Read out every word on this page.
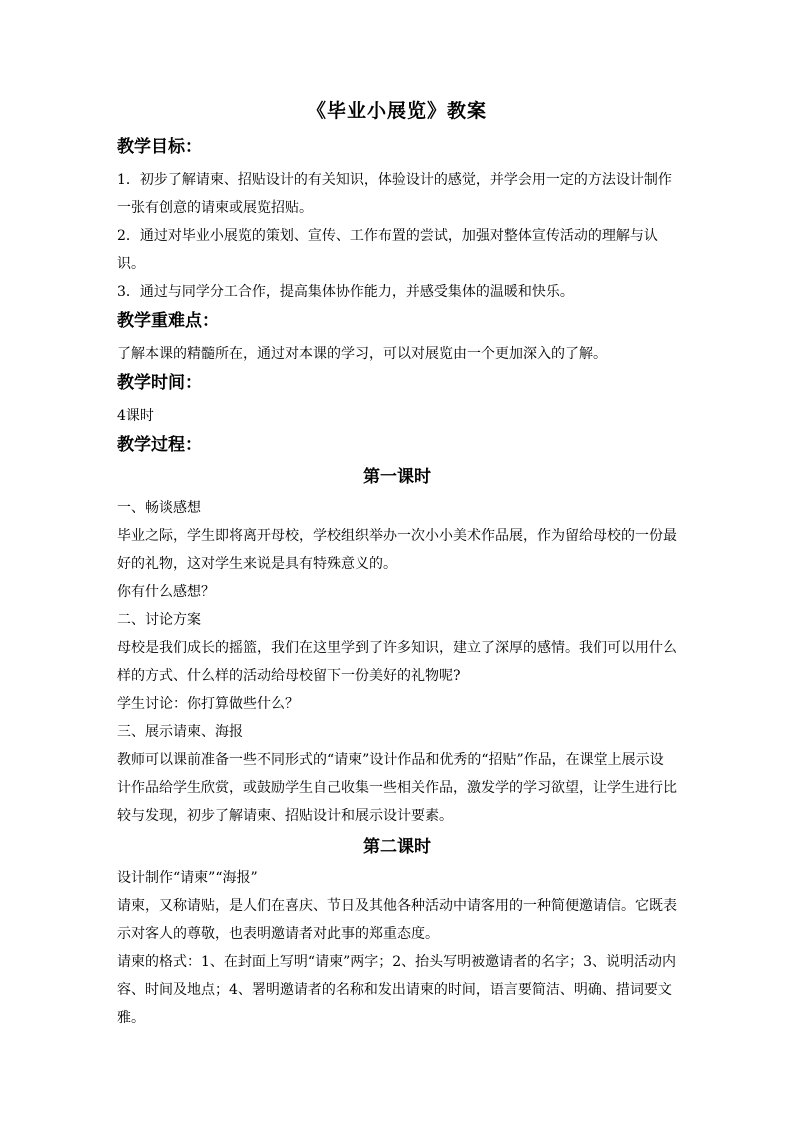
《毕业小展览》教案
教学目标：

1．初步了解请柬、招贴设计的有关知识，体验设计的感觉，并学会用一定的方法设计制作一张有创意的请柬或展览招贴。

2．通过对毕业小展览的策划、宣传、工作布置的尝试，加强对整体宣传活动的理解与认识。

3．通过与同学分工合作，提高集体协作能力，并感受集体的温暖和快乐。

教学重难点：

了解本课的精髓所在，通过对本课的学习，可以对展览由一个更加深入的了解。

教学时间：

4课时

教学过程：
第一课时

一、畅谈感想

毕业之际，学生即将离开母校，学校组织举办一次小小美术作品展，作为留给母校的一份最好的礼物，这对学生来说是具有特殊意义的。

你有什么感想？

二、讨论方案

母校是我们成长的摇篮，我们在这里学到了许多知识，建立了深厚的感情。我们可以用什么样的方式、什么样的活动给母校留下一份美好的礼物呢?

学生讨论：你打算做些什么？

三、展示请柬、海报

教师可以课前准备一些不同形式的“请柬”设计作品和优秀的“招贴”作品，在课堂上展示设计作品给学生欣赏，或鼓励学生自己收集一些相关作品，激发学的学习欲望，让学生进行比较与发现，初步了解请柬、招贴设计和展示设计要素。

第二课时

设计制作“请柬”“海报”

请柬，又称请贴，是人们在喜庆、节日及其他各种活动中请客用的一种简便邀请信。它既表示对客人的尊敬，也表明邀请者对此事的郑重态度。

请柬的格式：1、在封面上写明“请柬”两字；2、抬头写明被邀请者的名字；3、说明活动内容、时间及地点；4、署明邀请者的名称和发出请柬的时间，语言要简洁、明确、措词要文雅。
